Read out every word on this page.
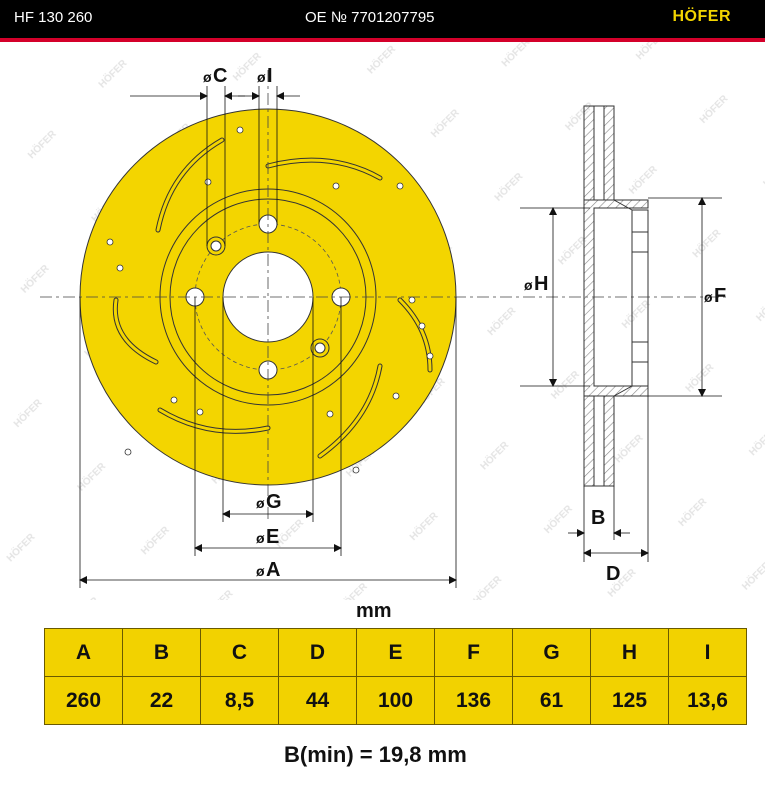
HF 130 260	OE № 7701207795	HÖFER
ø C ø I
ø G
ø E
ø A
ø H
ø F
B
D
mm
A	B	C	D	E	F	G	H	I
260	22	8,5	44	100	136	61	125	13,6
B(min) = 19,8 mm
